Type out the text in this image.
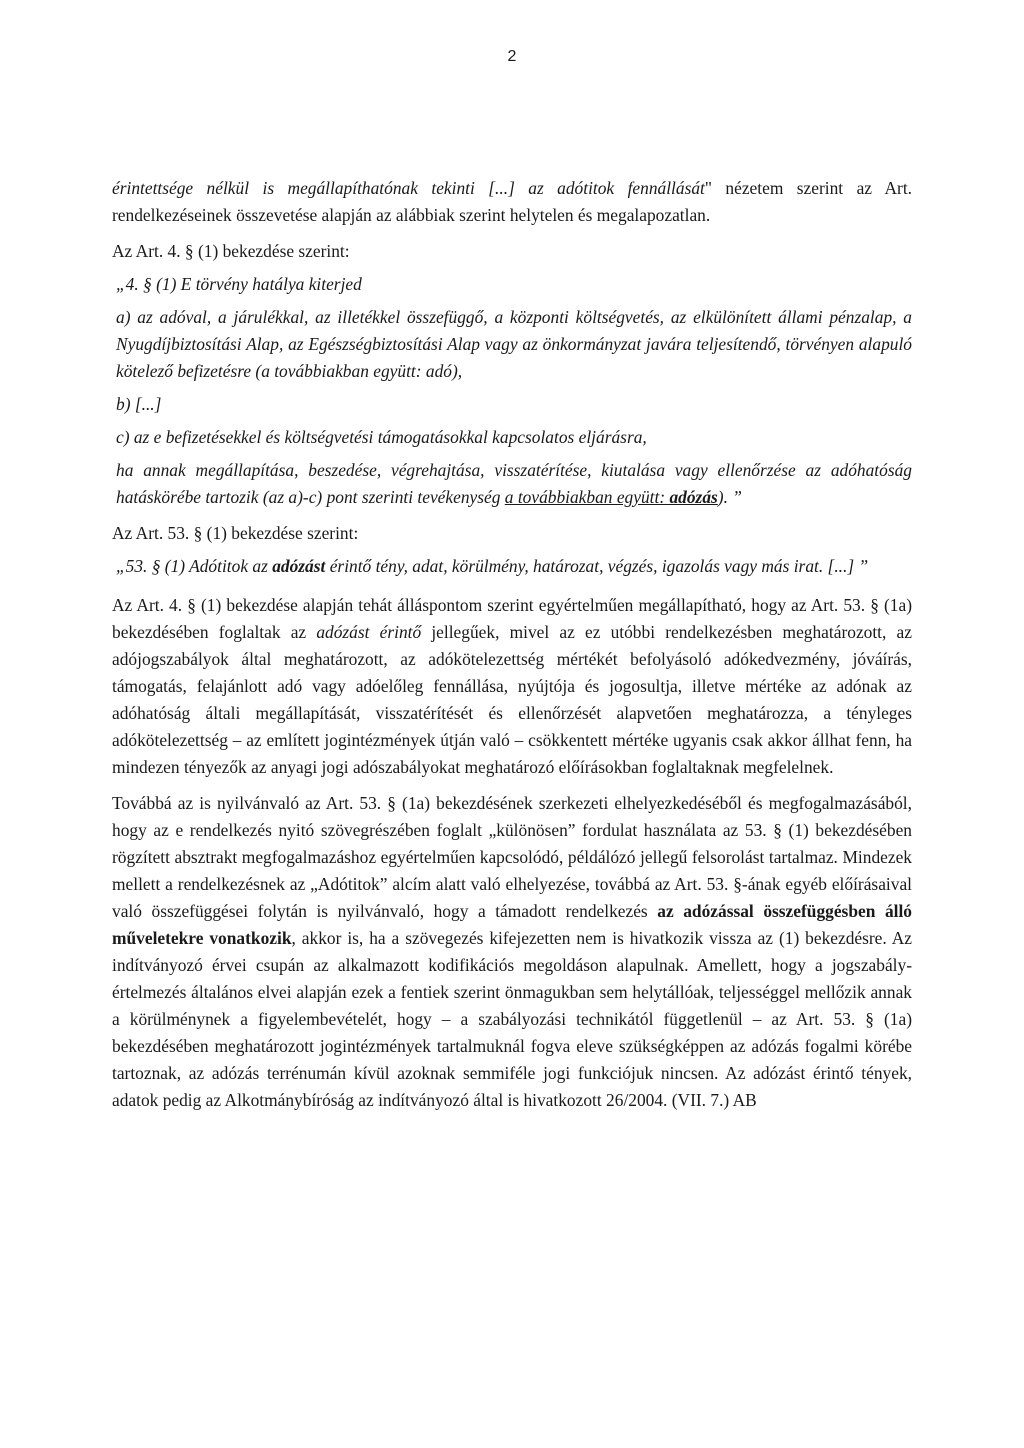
2

érintettsége nélkül is megállapíthatónak tekinti [...] az adótitok fennállását" nézetem szerint az Art. rendelkezéseinek összevetése alapján az alábbiak szerint helytelen és megalapozatlan.

Az Art. 4. § (1) bekezdése szerint:

„4. § (1) E törvény hatálya kiterjed

a) az adóval, a járulékkal, az illetékkel összefüggő, a központi költségvetés, az elkülönített állami pénzalap, a Nyugdíjbiztosítási Alap, az Egészségbiztosítási Alap vagy az önkormányzat javára teljesítendő, törvényen alapuló kötelező befizetésre (a továbbiakban együtt: adó),

b) [...]

c) az e befizetésekkel és költségvetési támogatásokkal kapcsolatos eljárásra,

ha annak megállapítása, beszedése, végrehajtása, visszatérítése, kiutalása vagy ellenőrzése az adóhatóság hatáskörébe tartozik (az a)-c) pont szerinti tevékenység a továbbiakban együtt: adózás). ”

Az Art. 53. § (1) bekezdése szerint:

„53. § (1) Adótitok az adózást érintő tény, adat, körülmény, határozat, végzés, igazolás vagy más irat. [...] ”

Az Art. 4. § (1) bekezdése alapján tehát álláspontom szerint egyértelműen megállapítható, hogy az Art. 53. § (1a) bekezdésében foglaltak az adózást érintő jellegűek, mivel az ez utóbbi rendelkezésben meghatározott, az adójogszabályok által meghatározott, az adókötelezettség mértékét befolyásoló adókedvezmény, jóváírás, támogatás, felajánlott adó vagy adóelőleg fennállása, nyújtója és jogosultja, illetve mértéke az adónak az adóhatóság általi megállapítását, visszatérítését és ellenőrzését alapvetően meghatározza, a tényleges adókötelezettség – az említett jogintézmények útján való – csökkentett mértéke ugyanis csak akkor állhat fenn, ha mindezen tényezők az anyagi jogi adószabályokat meghatározó előírásokban foglaltaknak megfelelnek.

Továbbá az is nyilvánvaló az Art. 53. § (1a) bekezdésének szerkezeti elhelyezkedéséből és megfogalmazásából, hogy az e rendelkezés nyitó szövegrészében foglalt „különösen” fordulat használata az 53. § (1) bekezdésében rögzített absztrakt megfogalmazáshoz egyértelműen kapcsolódó, példálózó jellegű felsorolást tartalmaz. Mindezek mellett a rendelkezésnek az „Adótitok” alcím alatt való elhelyezése, továbbá az Art. 53. §-ának egyéb előírásaival való összefüggései folytán is nyilvánvaló, hogy a támadott rendelkezés az adózással összefüggésben álló műveletekre vonatkozik, akkor is, ha a szövegezés kifejezetten nem is hivatkozik vissza az (1) bekezdésre. Az indítványozó érvei csupán az alkalmazott kodifikációs megoldáson alapulnak. Amellett, hogy a jogszabály-értelmezés általános elvei alapján ezek a fentiek szerint önmagukban sem helytállóak, teljességgel mellőzik annak a körülménynek a figyelembevételét, hogy – a szabályozási technikától függetlenül – az Art. 53. § (1a) bekezdésében meghatározott jogintézmények tartalmuknál fogva eleve szükségképpen az adózás fogalmi körébe tartoznak, az adózás terrénumán kívül azoknak semmiféle jogi funkciójuk nincsen. Az adózást érintő tények, adatok pedig az Alkotmánybíróság az indítványozó által is hivatkozott 26/2004. (VII. 7.) AB
